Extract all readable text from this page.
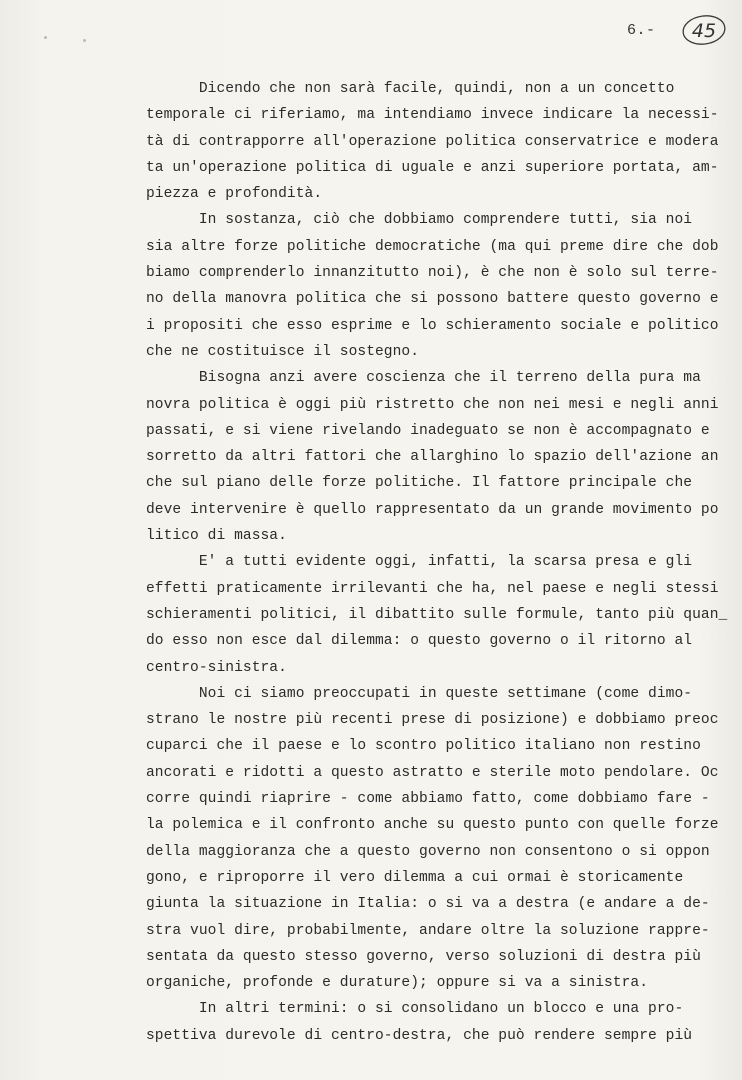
6.- 45
Dicendo che non sarà facile, quindi, non a un concetto
temporale ci riferiamo, ma intendiamo invece indicare la necessi-
tà di contrapporre all'operazione politica conservatrice e modera
ta un'operazione politica di uguale e anzi superiore portata, am-
piezza e profondità.
In sostanza, ciò che dobbiamo comprendere tutti, sia noi
sia altre forze politiche democratiche (ma qui preme dire che dob
biamo comprenderlo innanzitutto noi), è che non è solo sul terre-
no della manovra politica che si possono battere questo governo e
i propositi che esso esprime e lo schieramento sociale e politico
che ne costituisce il sostegno.
Bisogna anzi avere coscienza che il terreno della pura ma
novra politica è oggi più ristretto che non nei mesi e negli anni
passati, e si viene rivelando inadeguato se non è accompagnato e
sorretto da altri fattori che allarghino lo spazio dell'azione an
che sul piano delle forze politiche. Il fattore principale che
deve intervenire è quello rappresentato da un grande movimento po
litico di massa.
E' a tutti evidente oggi, infatti, la scarsa presa e gli
effetti praticamente irrilevanti che ha, nel paese e negli stessi
schieramenti politici, il dibattito sulle formule, tanto più quan_
do esso non esce dal dilemma: o questo governo o il ritorno al
centro-sinistra.
Noi ci siamo preoccupati in queste settimane (come dimo-
strano le nostre più recenti prese di posizione) e dobbiamo preoc
cuparci che il paese e lo scontro politico italiano non restino
ancorati e ridotti a questo astratto e sterile moto pendolare. Oc
corre quindi riaprire - come abbiamo fatto, come dobbiamo fare -
la polemica e il confronto anche su questo punto con quelle forze
della maggioranza che a questo governo non consentono o si oppon
gono, e riproporre il vero dilemma a cui ormai è storicamente
giunta la situazione in Italia: o si va a destra (e andare a de-
stra vuol dire, probabilmente, andare oltre la soluzione rappre-
sentata da questo stesso governo, verso soluzioni di destra più
organiche, profonde e durature); oppure si va a sinistra.
In altri termini: o si consolidano un blocco e una pro-
spettiva durevole di centro-destra, che può rendere sempre più
